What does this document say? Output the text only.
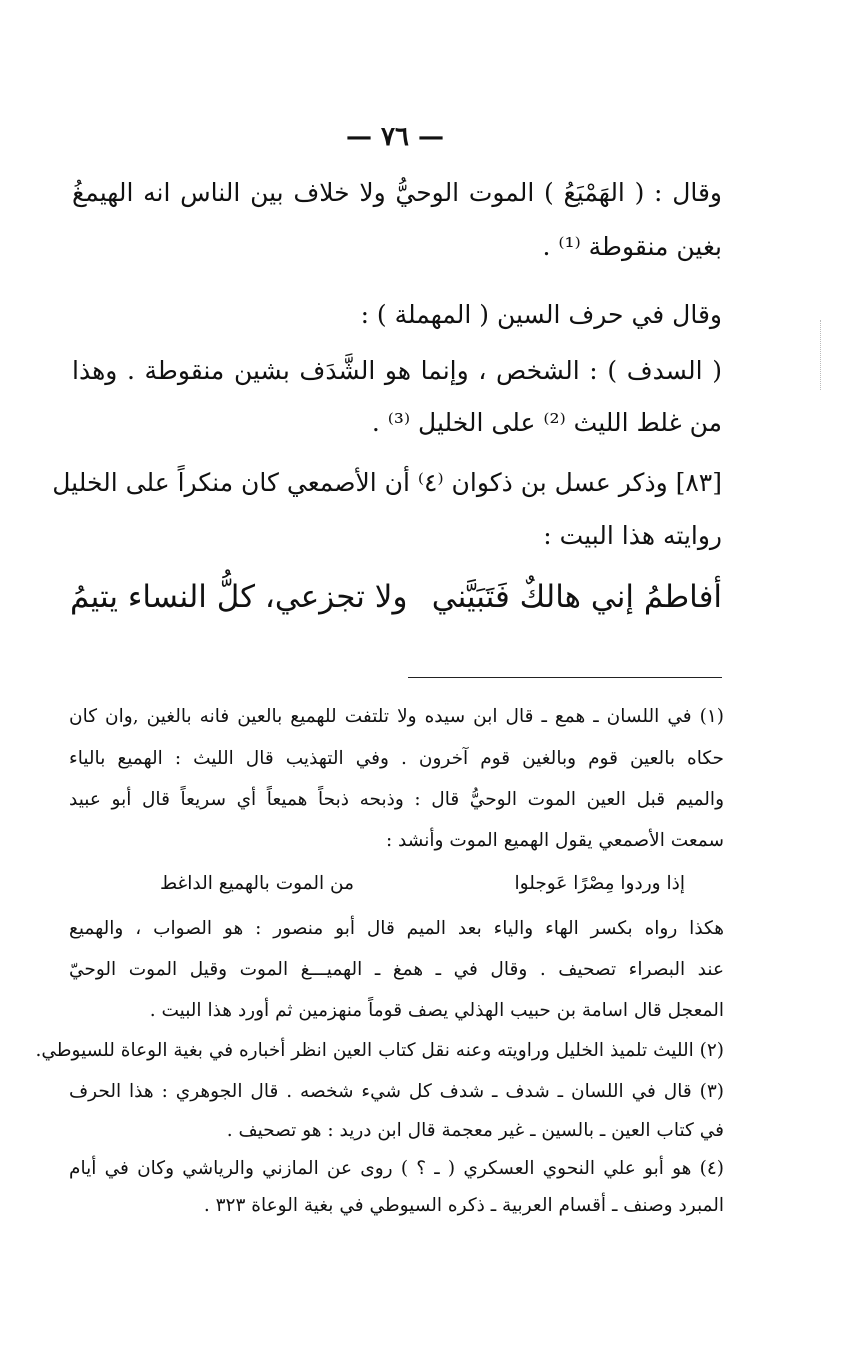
— ٧٦ —
وقال : ( الهَمْيَعُ ) الموت الوحيُّ ولا خلاف بين الناس انه الهيمغُ
بغين منقوطة ⁽¹⁾ .
وقال في حرف السين ( المهملة ) :
( السدف ) : الشخص ، وإنما هو الشَّدَف بشين منقوطة . وهذا
من غلط الليث ⁽²⁾ على الخليل ⁽³⁾ .
[٨٣] وذكر عسل بن ذكوان ⁽٤⁾ أن الأصمعي كان منكراً على الخليل
روايته هذا البيت :
أفاطمُ إني هالكٌ فَتَبَيَّني
ولا تجزعي، كلُّ النساء يتيمُ
(١) في اللسان ـ همع ـ قال ابن سيده ولا تلتفت للهميع بالعين فانه بالغين ,وان كان
حكاه بالعين قوم وبالغين قوم آخرون . وفي التهذيب قال الليث : الهميع بالياء
والميم قبل العين الموت الوحيُّ قال : وذبحه ذبحاً هميعاً أي سريعاً قال أبو عبيد
سمعت الأصمعي يقول الهميع الموت وأنشد :
إذا وردوا مِصْرًا عَوجلوا
من الموت بالهميع الداغط
هكذا رواه بكسر الهاء والياء بعد الميم قال أبو منصور : هو الصواب ، والهميع
عند البصراء تصحيف . وقال في ـ همغ ـ الهميـــغ الموت وقيل الموت الوحيّ
المعجل قال اسامة بن حبيب الهذلي يصف قوماً منهزمين ثم أورد هذا البيت .
(٢) الليث تلميذ الخليل وراويته وعنه نقل كتاب العين انظر أخباره في بغية الوعاة للسيوطي.
(٣) قال في اللسان ـ شدف ـ شدف كل شيء شخصه . قال الجوهري : هذا الحرف
في كتاب العين ـ بالسين ـ غير معجمة قال ابن دريد : هو تصحيف .
(٤) هو أبو علي النحوي العسكري ( ـ ؟ ) روى عن المازني والرياشي وكان في أيام
المبرد وصنف ـ أقسام العربية ـ ذكره السيوطي في بغية الوعاة ٣٢٣ .
